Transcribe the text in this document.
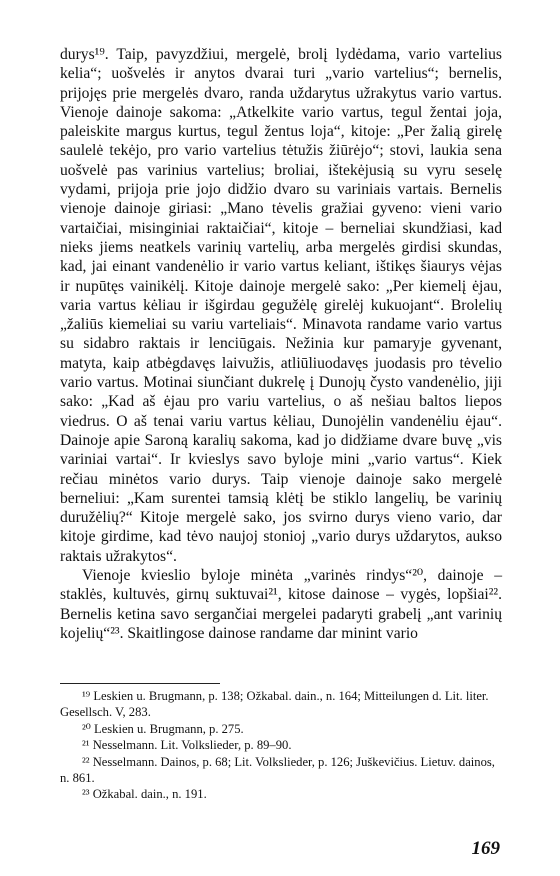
durys¹⁹. Taip, pavyzdžiui, mergelė, brolį lydėdama, vario vartelius kelia“; uošvelės ir anytos dvarai turi „vario vartelius“; bernelis, prijojęs prie mergelės dvaro, randa uždarytus užrakytus vario vartus. Vienoje dainoje sakoma: „Atkelkite vario vartus, tegul žentai joja, paleiskite margus kurtus, tegul žentus loja“, kitoje: „Per žalią girelę saulelė tekėjo, pro vario vartelius tėtužis žiūrėjo“; stovi, laukia sena uošvelė pas varinius vartelius; broliai, ištekėjusią su vyru seselę vydami, prijoja prie jojo didžio dvaro su variniais vartais. Bernelis vienoje dainoje giriasi: „Mano tėvelis gražiai gyveno: vieni vario vartaičiai, misinginiai raktaičiai“, kitoje – berneliai skundžiasi, kad nieks jiems neatkels varinių vartelių, arba mergelės girdisi skundas, kad, jai einant vandenėlio ir vario vartus keliant, ištikęs šiaurys vėjas ir nupūtęs vainikėlį. Kitoje dainoje mergelė sako: „Per kiemelį ėjau, varia vartus kėliau ir išgirdau gegužėlę girelėj kukuojant“. Brolelių „žaliūs kiemeliai su variu varteliais“. Minavota randame vario vartus su sidabro raktais ir lenciūgais. Nežinia kur pamaryje gyvenant, matyta, kaip atbėgdavęs laivužis, atliūliuodavęs juodasis pro tėvelio vario vartus. Motinai siunčiant dukrelę į Dunojų čysto vandenėlio, jiji sako: „Kad aš ėjau pro variu vartelius, o aš nešiau baltos liepos viedrus. O aš tenai variu vartus kėliau, Dunojėlin vandenėliu ėjau“. Dainoje apie Saroną karalių sakoma, kad jo didžiame dvare buvę „vis variniai vartai“. Ir kvieslys savo byloje mini „vario vartus“. Kiek rečiau minėtos vario durys. Taip vienoje dainoje sako mergelė berneliui: „Kam surentei tamsią klėtį be stiklo langelių, be varinių duružėlių?“ Kitoje mergelė sako, jos svirno durys vieno vario, dar kitoje girdime, kad tėvo naujoj stonioj „vario durys uždarytos, aukso raktais užrakytos“.

Vienoje kvieslio byloje minėta „varinės rindys“²⁰, dainoje – staklės, kultuvės, girnų suktuvai²¹, kitose dainose – vygės, lopšiai²². Bernelis ketina savo sergančiai mergelei padaryti grabelį „ant varinių kojelių“²³. Skaitlingose dainose randame dar minint vario

¹⁹ Leskien u. Brugmann, p. 138; Ožkabal. dain., n. 164; Mitteilungen d. Lit. liter. Gesellsch. V, 283.

²⁰ Leskien u. Brugmann, p. 275.

²¹ Nesselmann. Lit. Volkslieder, p. 89–90.

²² Nesselmann. Dainos, p. 68; Lit. Volkslieder, p. 126; Juškevičius. Lietuv. dainos, n. 861.

²³ Ožkabal. dain., n. 191.

169
